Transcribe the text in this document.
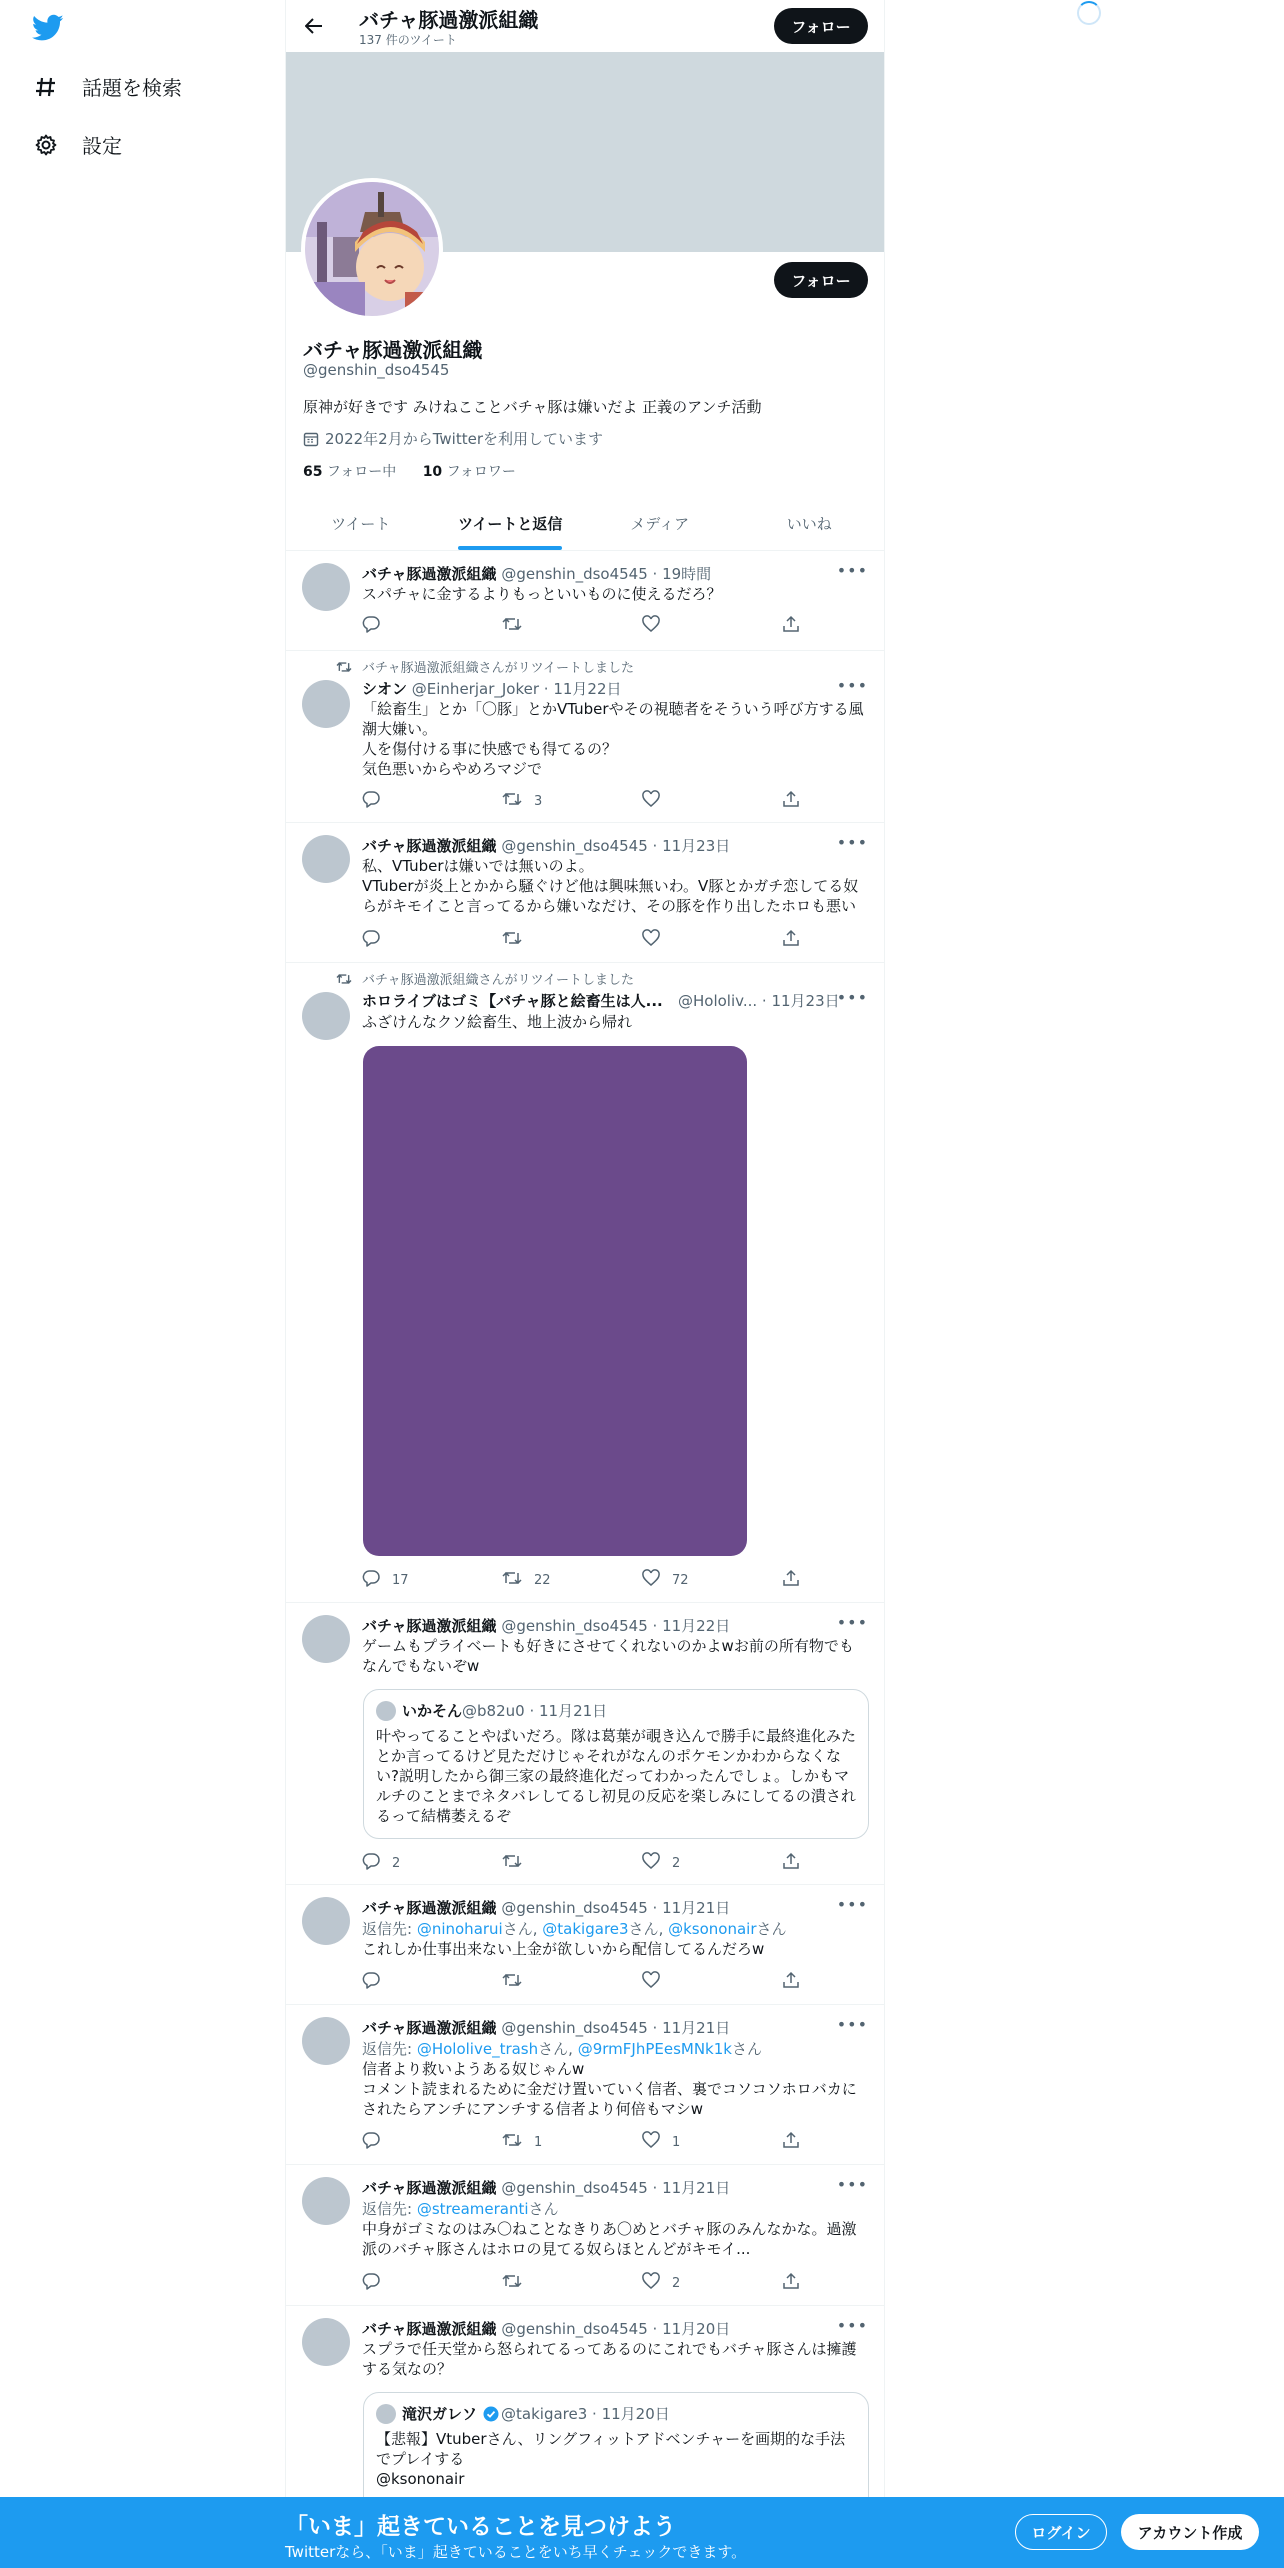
話題を検索
設定
バチャ豚過激派組織
137 件のツイート
フォロー
フォロー
バチャ豚過激派組織
@genshin_dso4545
原神が好きです みけねこことバチャ豚は嫌いだよ 正義のアンチ活動
2022年2月からTwitterを利用しています
65 フォロー中 10 フォロワー
ツイート	ツイートと返信	メディア	いいね
バチャ豚過激派組織 @genshin_dso4545 · 19時間	•••
スパチャに金するよりもっといいものに使えるだろ？
バチャ豚過激派組織さんがリツイートしました
シオン @Einherjar_Joker · 11月22日	•••
「絵畜生」とか「〇豚」とかVTuberやその視聴者をそういう呼び方する風潮大嫌い。
人を傷付ける事に快感でも得てるの？
気色悪いからやめろマジで
3
バチャ豚過激派組織 @genshin_dso4545 · 11月23日	•••
私、VTuberは嫌いでは無いのよ。
VTuberが炎上とかから騒ぐけど他は興味無いわ。V豚とかガチ恋してる奴らがキモイこと言ってるから嫌いなだけ、その豚を作り出したホロも悪い
バチャ豚過激派組織さんがリツイートしました
ホロライブはゴミ【バチャ豚と絵畜生は人...	@Hololiv... · 11月23日
•••
ふざけんなクソ絵畜生、地上波から帰れ
17	22	72
バチャ豚過激派組織 @genshin_dso4545 · 11月22日	•••
ゲームもプライベートも好きにさせてくれないのかよwお前の所有物でもなんでもないぞw
いかそん @b82u0 · 11月21日
叶やってることやばいだろ。隊は葛葉が覗き込んで勝手に最終進化みたとか言ってるけど見ただけじゃそれがなんのポケモンかわからなくない?説明したから御三家の最終進化だってわかったんでしょ。しかもマルチのことまでネタバレしてるし初見の反応を楽しみにしてるの潰されるって結構萎えるぞ
2	2
バチャ豚過激派組織 @genshin_dso4545 · 11月21日	•••
返信先: @ninoharuiさん, @takigare3さん, @ksononairさん
これしか仕事出来ない上金が欲しいから配信してるんだろw
バチャ豚過激派組織 @genshin_dso4545 · 11月21日	•••
返信先: @Hololive_trashさん, @9rmFJhPEesMNk1kさん
信者より救いようある奴じゃんw
コメント読まれるために金だけ置いていく信者、裏でコソコソホロバカにされたらアンチにアンチする信者より何倍もマシw
1	1
バチャ豚過激派組織 @genshin_dso4545 · 11月21日	•••
返信先: @streamerantiさん
中身がゴミなのはみ〇ねことなきりあ〇めとバチャ豚のみんなかな。過激派のバチャ豚さんはホロの見てる奴らほとんどがキモイ...
2
バチャ豚過激派組織 @genshin_dso4545 · 11月20日	•••
スプラで任天堂から怒られてるってあるのにこれでもバチャ豚さんは擁護する気なの？
滝沢ガレソ @takigare3 · 11月20日
【悲報】Vtuberさん、リングフィットアドベンチャーを画期的な手法でプレイする
@ksononair
「いま」起きていることを見つけよう
Twitterなら、「いま」起きていることをいち早くチェックできます。
ログイン	アカウント作成
